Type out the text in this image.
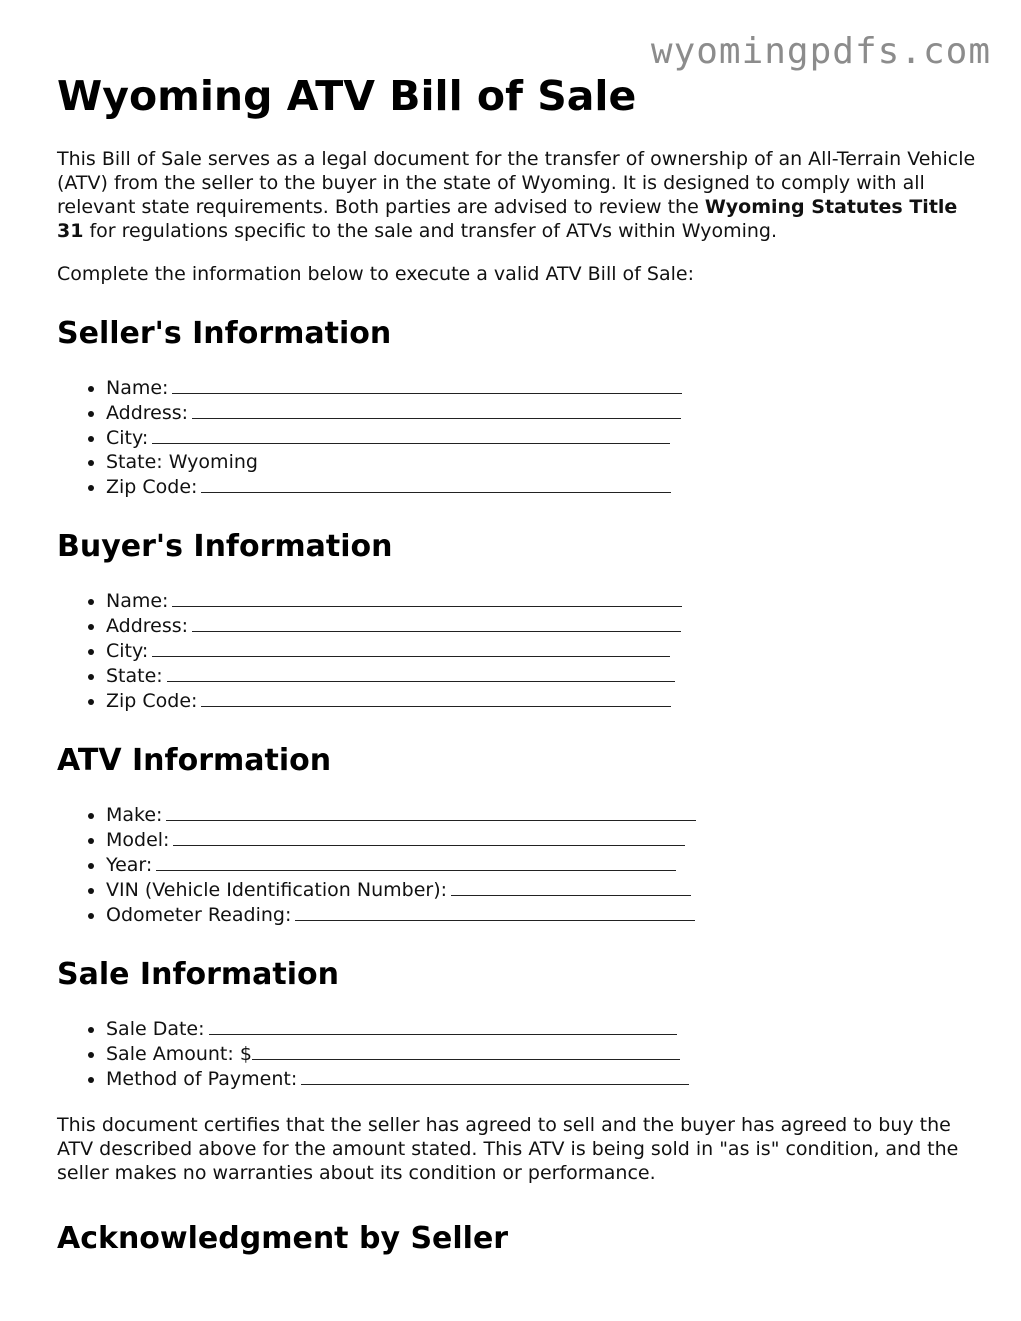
wyomingpdfs.com
Wyoming ATV Bill of Sale

This Bill of Sale serves as a legal document for the transfer of ownership of an All-Terrain Vehicle (ATV) from the seller to the buyer in the state of Wyoming. It is designed to comply with all relevant state requirements. Both parties are advised to review the Wyoming Statutes Title 31 for regulations specific to the sale and transfer of ATVs within Wyoming.

Complete the information below to execute a valid ATV Bill of Sale:

Seller's Information
• Name:
• Address:
• City:
• State: Wyoming
• Zip Code:
Buyer's Information
• Name:
• Address:
• City:
• State:
• Zip Code:
ATV Information
• Make:
• Model:
• Year:
• VIN (Vehicle Identification Number):
• Odometer Reading:
Sale Information
• Sale Date:
• Sale Amount: $
• Method of Payment:

This document certifies that the seller has agreed to sell and the buyer has agreed to buy the ATV described above for the amount stated. This ATV is being sold in "as is" condition, and the seller makes no warranties about its condition or performance.

Acknowledgment by Seller
